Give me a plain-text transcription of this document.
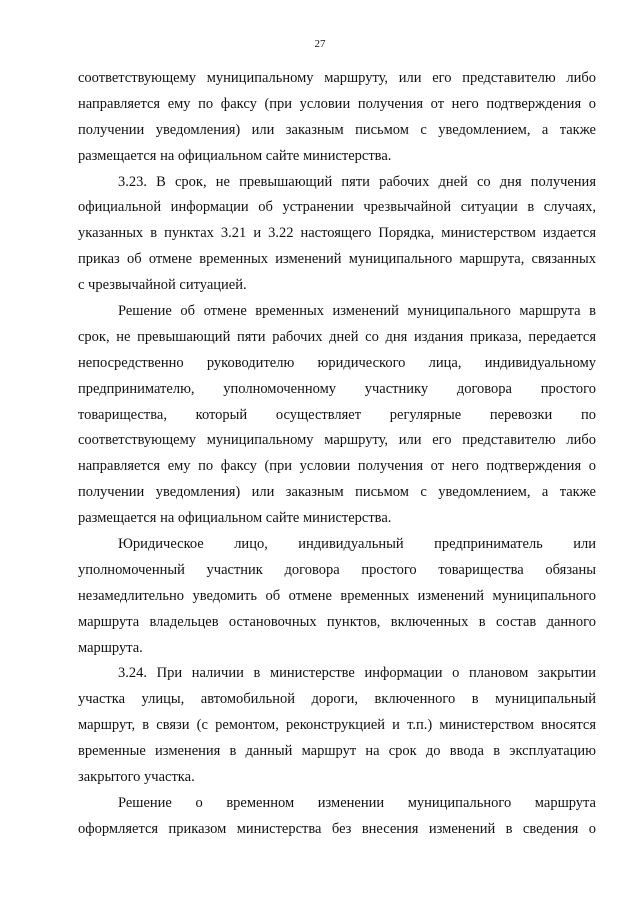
27
соответствующему муниципальному маршруту, или его представителю либо
направляется ему по факсу (при условии получения от него подтверждения о
получении уведомления) или заказным письмом с уведомлением, а также
размещается на официальном сайте министерства.
3.23. В срок, не превышающий пяти рабочих дней со дня получения
официальной информации об устранении чрезвычайной ситуации в случаях,
указанных в пунктах 3.21 и 3.22 настоящего Порядка, министерством издается
приказ об отмене временных изменений муниципального маршрута, связанных
с чрезвычайной ситуацией.
Решение об отмене временных изменений муниципального маршрута в
срок, не превышающий пяти рабочих дней со дня издания приказа, передается
непосредственно руководителю юридического лица, индивидуальному
предпринимателю, уполномоченному участнику договора простого
товарищества, который осуществляет регулярные перевозки по
соответствующему муниципальному маршруту, или его представителю либо
направляется ему по факсу (при условии получения от него подтверждения о
получении уведомления) или заказным письмом с уведомлением, а также
размещается на официальном сайте министерства.
Юридическое лицо, индивидуальный предприниматель или
уполномоченный участник договора простого товарищества обязаны
незамедлительно уведомить об отмене временных изменений муниципального
маршрута владельцев остановочных пунктов, включенных в состав данного
маршрута.
3.24. При наличии в министерстве информации о плановом закрытии
участка улицы, автомобильной дороги, включенного в муниципальный
маршрут, в связи (с ремонтом, реконструкцией и т.п.) министерством вносятся
временные изменения в данный маршрут на срок до ввода в эксплуатацию
закрытого участка.
Решение о временном изменении муниципального маршрута
оформляется приказом министерства без внесения изменений в сведения о
